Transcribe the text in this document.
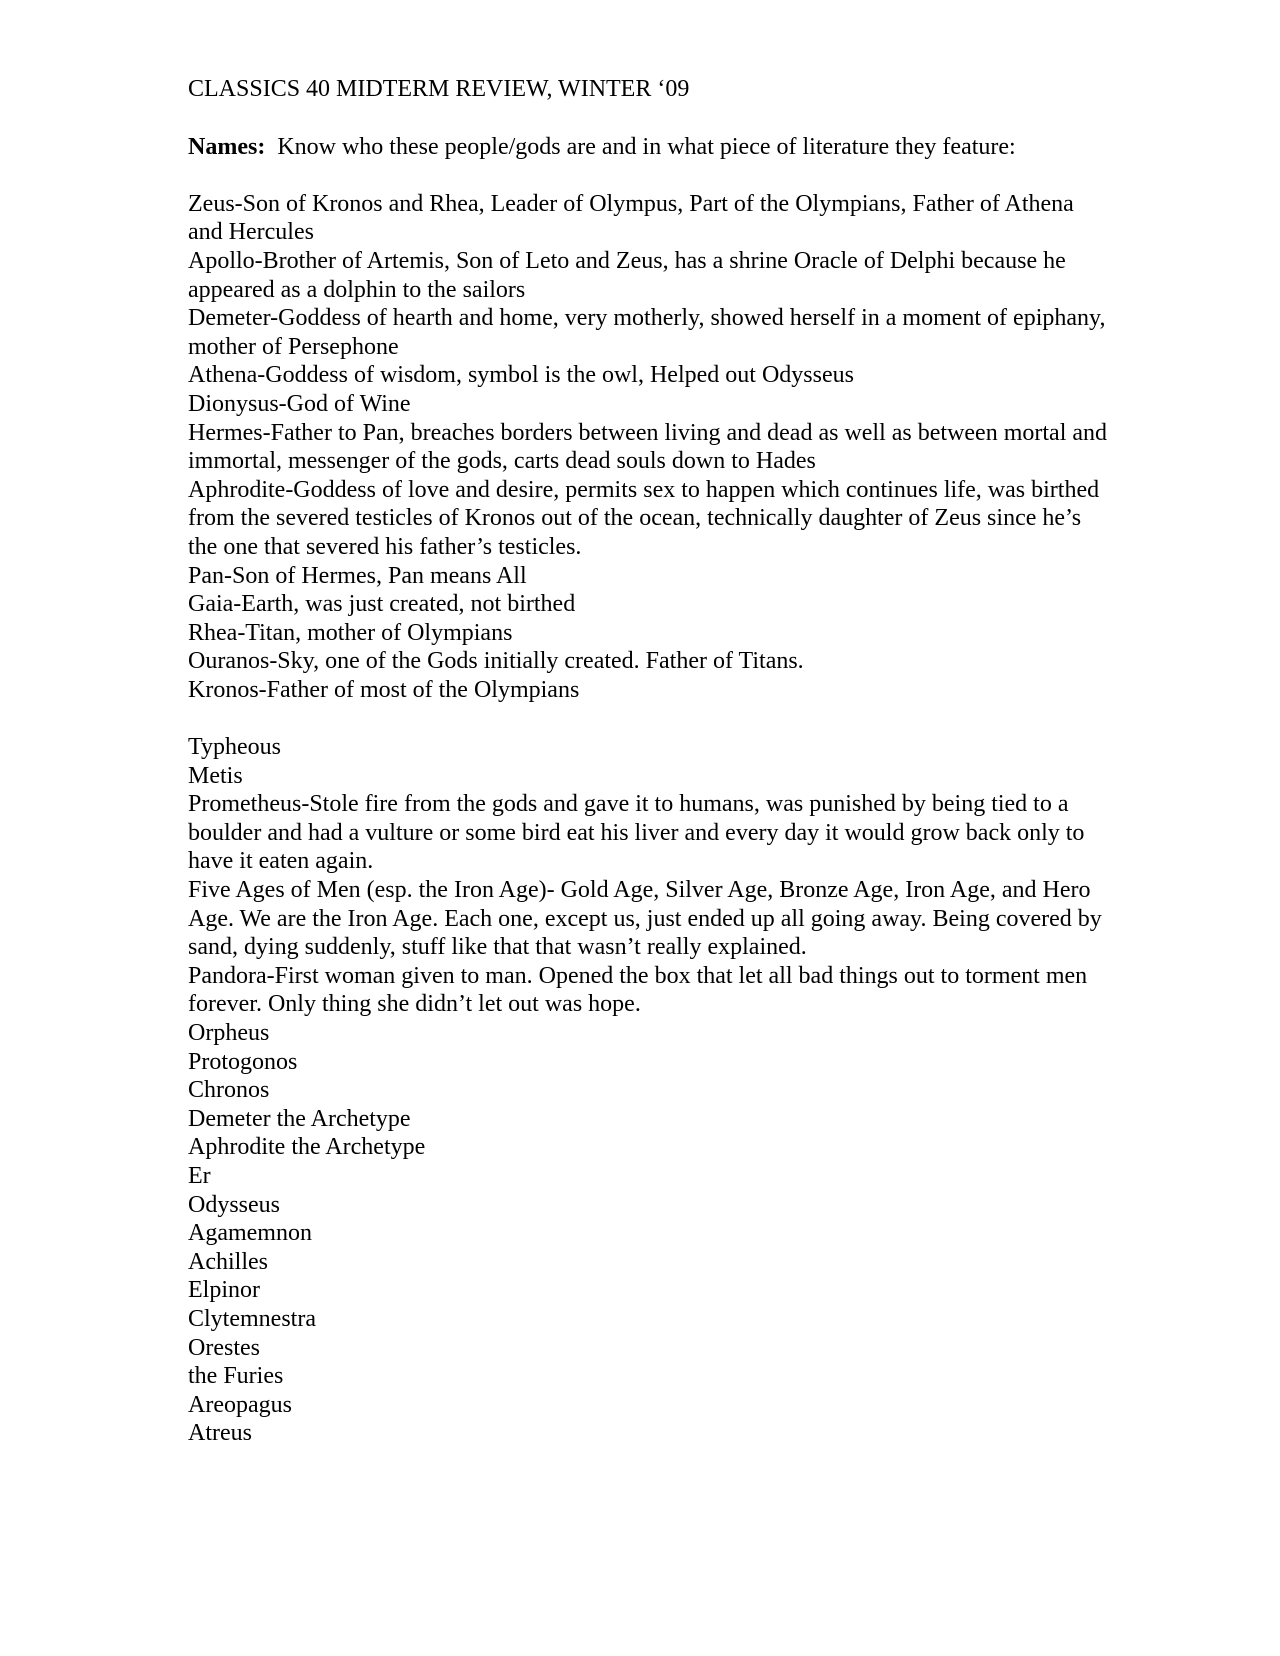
CLASSICS 40 MIDTERM REVIEW, WINTER ‘09

Names:  Know who these people/gods are and in what piece of literature they feature:

Zeus-Son of Kronos and Rhea, Leader of Olympus, Part of the Olympians, Father of Athena and Hercules
Apollo-Brother of Artemis, Son of Leto and Zeus, has a shrine Oracle of Delphi because he appeared as a dolphin to the sailors
Demeter-Goddess of hearth and home, very motherly, showed herself in a moment of epiphany, mother of Persephone
Athena-Goddess of wisdom, symbol is the owl, Helped out Odysseus
Dionysus-God of Wine
Hermes-Father to Pan, breaches borders between living and dead as well as between mortal and immortal, messenger of the gods, carts dead souls down to Hades
Aphrodite-Goddess of love and desire, permits sex to happen which continues life, was birthed from the severed testicles of Kronos out of the ocean, technically daughter of Zeus since he’s the one that severed his father’s testicles.
Pan-Son of Hermes, Pan means All
Gaia-Earth, was just created, not birthed
Rhea-Titan, mother of Olympians
Ouranos-Sky, one of the Gods initially created. Father of Titans.
Kronos-Father of most of the Olympians
Typheous
Metis
Prometheus-Stole fire from the gods and gave it to humans, was punished by being tied to a boulder and had a vulture or some bird eat his liver and every day it would grow back only to have it eaten again.
Five Ages of Men (esp. the Iron Age)- Gold Age, Silver Age, Bronze Age, Iron Age, and Hero Age. We are the Iron Age. Each one, except us, just ended up all going away. Being covered by sand, dying suddenly, stuff like that that wasn’t really explained.
Pandora-First woman given to man. Opened the box that let all bad things out to torment men forever. Only thing she didn’t let out was hope.
Orpheus
Protogonos
Chronos
Demeter the Archetype
Aphrodite the Archetype
Er
Odysseus
Agamemnon
Achilles
Elpinor
Clytemnestra
Orestes
the Furies
Areopagus
Atreus
